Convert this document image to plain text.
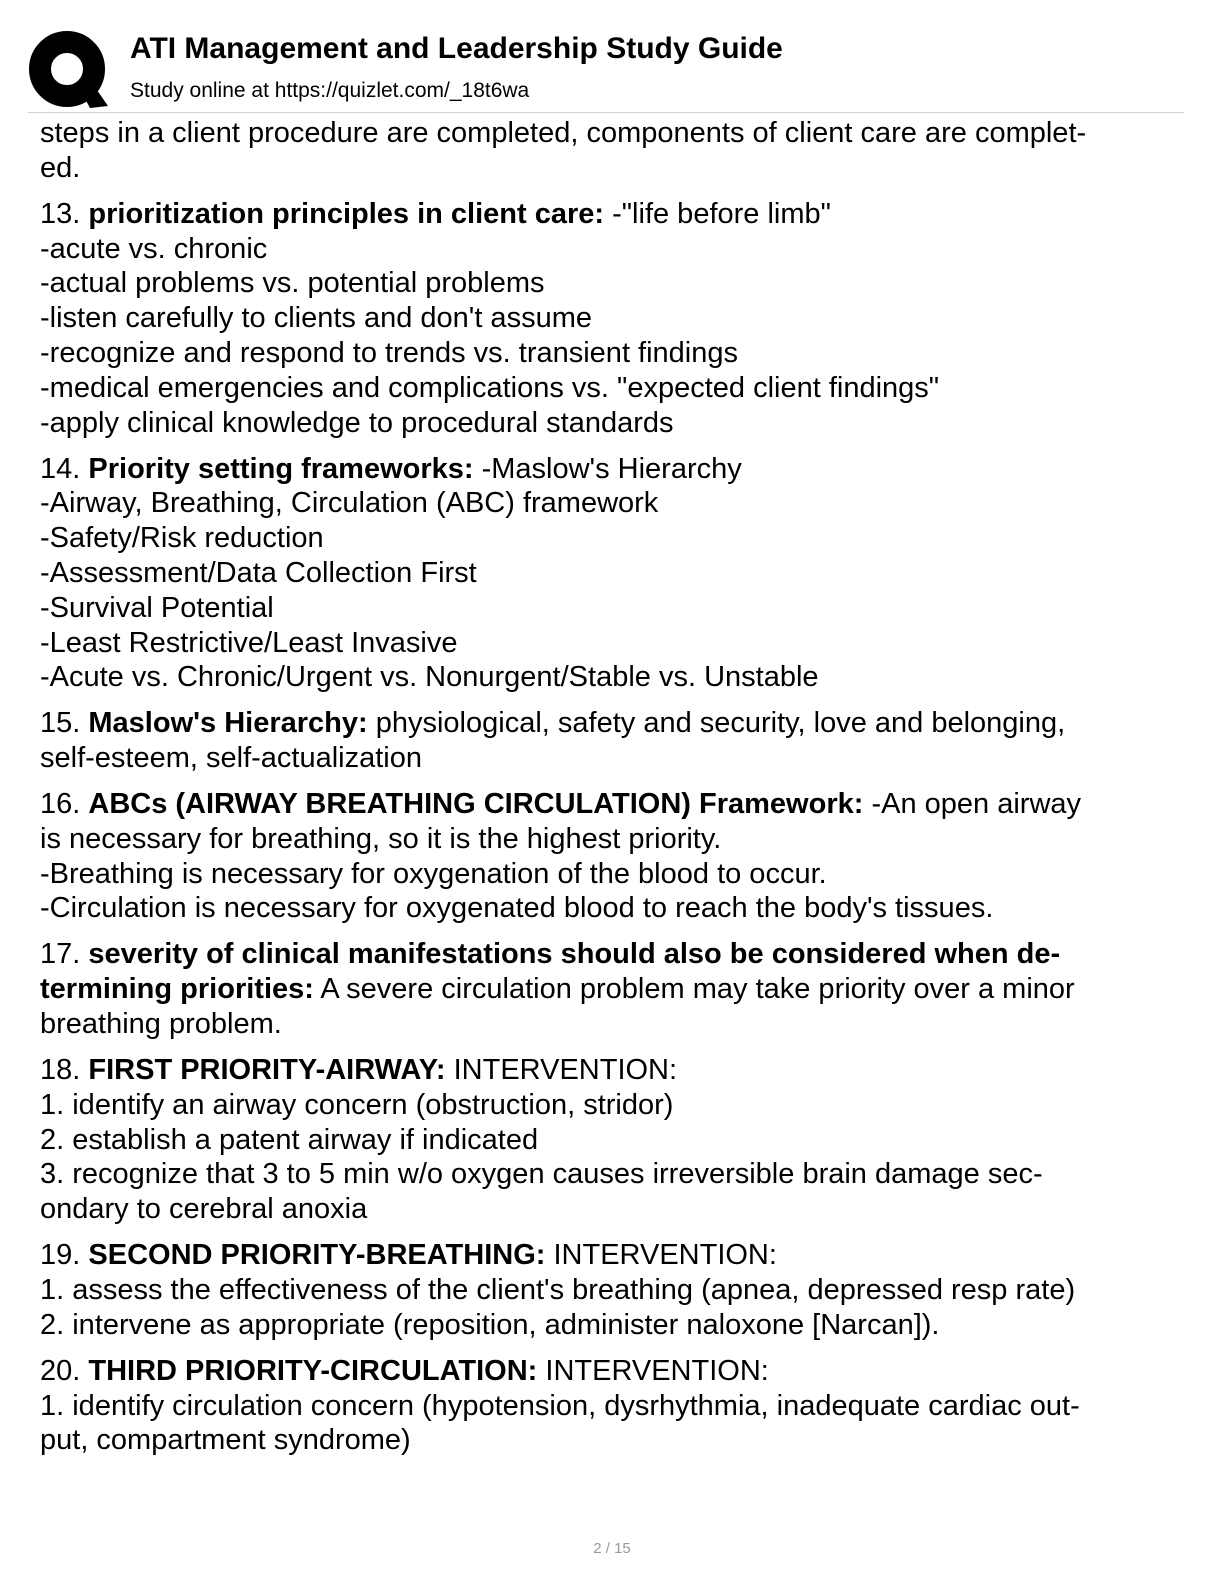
ATI Management and Leadership Study Guide
Study online at https://quizlet.com/_18t6wa
steps in a client procedure are completed, components of client care are complet-
ed.
13. prioritization principles in client care: -"life before limb"
-acute vs. chronic
-actual problems vs. potential problems
-listen carefully to clients and don't assume
-recognize and respond to trends vs. transient findings
-medical emergencies and complications vs. "expected client findings"
-apply clinical knowledge to procedural standards
14. Priority setting frameworks: -Maslow's Hierarchy
-Airway, Breathing, Circulation (ABC) framework
-Safety/Risk reduction
-Assessment/Data Collection First
-Survival Potential
-Least Restrictive/Least Invasive
-Acute vs. Chronic/Urgent vs. Nonurgent/Stable vs. Unstable
15. Maslow's Hierarchy: physiological, safety and security, love and belonging,
self-esteem, self-actualization
16. ABCs (AIRWAY BREATHING CIRCULATION) Framework: -An open airway
is necessary for breathing, so it is the highest priority.
-Breathing is necessary for oxygenation of the blood to occur.
-Circulation is necessary for oxygenated blood to reach the body's tissues.
17. severity of clinical manifestations should also be considered when de-
termining priorities: A severe circulation problem may take priority over a minor
breathing problem.
18. FIRST PRIORITY-AIRWAY: INTERVENTION:
1. identify an airway concern (obstruction, stridor)
2. establish a patent airway if indicated
3. recognize that 3 to 5 min w/o oxygen causes irreversible brain damage sec-
ondary to cerebral anoxia
19. SECOND PRIORITY-BREATHING: INTERVENTION:
1. assess the effectiveness of the client's breathing (apnea, depressed resp rate)
2. intervene as appropriate (reposition, administer naloxone [Narcan]).
20. THIRD PRIORITY-CIRCULATION: INTERVENTION:
1. identify circulation concern (hypotension, dysrhythmia, inadequate cardiac out-
put, compartment syndrome)
2 / 15
